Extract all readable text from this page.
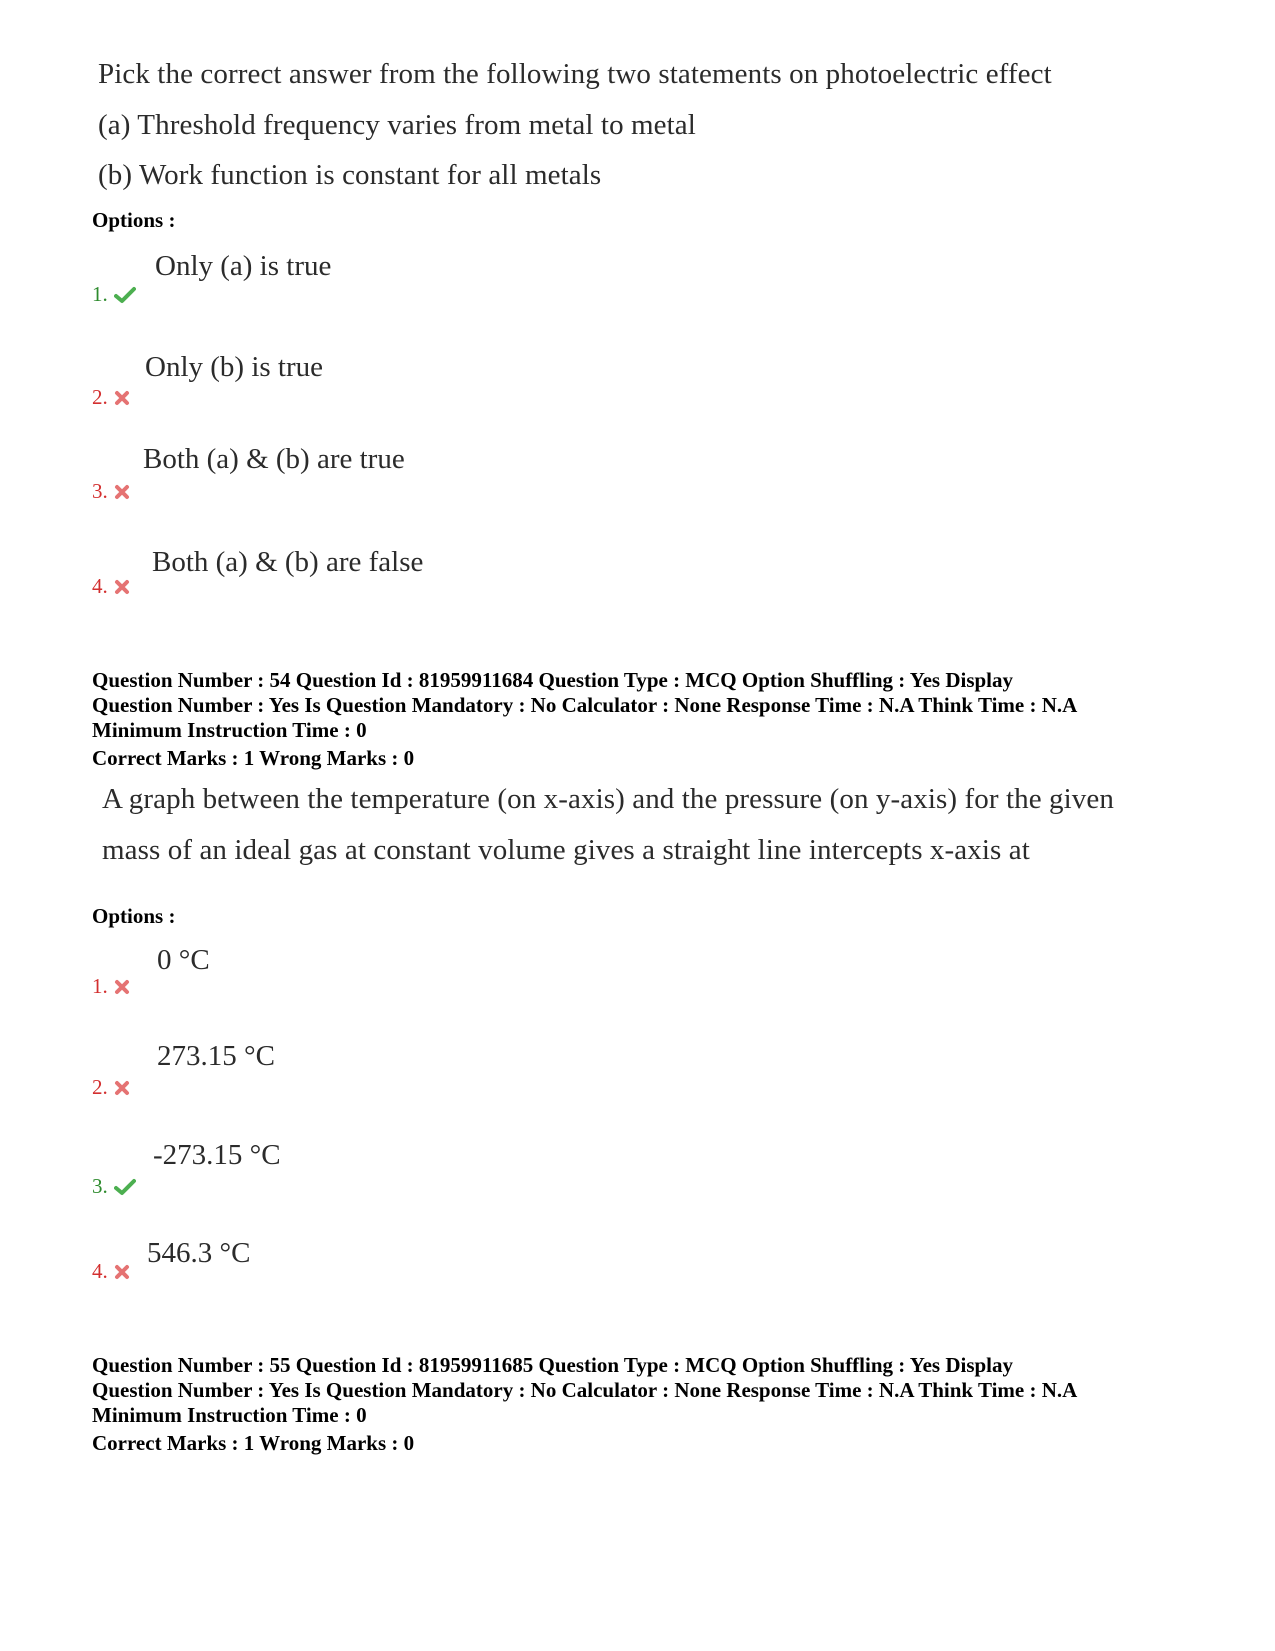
Pick the correct answer from the following two statements on photoelectric effect
(a) Threshold frequency varies from metal to metal
(b) Work function is constant for all metals
Options :
Only (a) is true
1.
Only (b) is true
2.
Both (a) & (b) are true
3.
Both (a) & (b) are false
4.
Question Number : 54 Question Id : 81959911684 Question Type : MCQ Option Shuffling : Yes Display
Question Number : Yes Is Question Mandatory : No Calculator : None Response Time : N.A Think Time : N.A
Minimum Instruction Time : 0
Correct Marks : 1 Wrong Marks : 0
A graph between the temperature (on x-axis) and the pressure (on y-axis) for the given
mass of an ideal gas at constant volume gives a straight line intercepts x-axis at
Options :
0 °C
1.
273.15 °C
2.
-273.15 °C
3.
546.3 °C
4.
Question Number : 55 Question Id : 81959911685 Question Type : MCQ Option Shuffling : Yes Display
Question Number : Yes Is Question Mandatory : No Calculator : None Response Time : N.A Think Time : N.A
Minimum Instruction Time : 0
Correct Marks : 1 Wrong Marks : 0
